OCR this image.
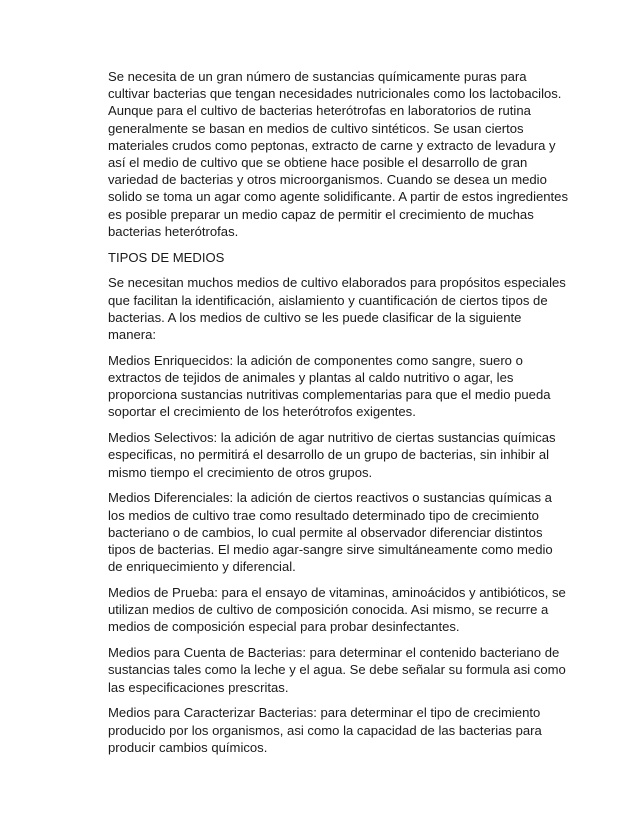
Se necesita de un gran número de sustancias químicamente puras para
cultivar bacterias que tengan necesidades nutricionales como los lactobacilos.
Aunque para el cultivo de bacterias heterótrofas en laboratorios de rutina
generalmente se basan en medios de cultivo sintéticos. Se usan ciertos
materiales crudos como peptonas, extracto de carne y extracto de levadura y
así el medio de cultivo que se obtiene hace posible el desarrollo de gran
variedad de bacterias y otros microorganismos. Cuando se desea un medio
solido se toma un agar como agente solidificante. A partir de estos ingredientes
es posible preparar un medio capaz de permitir el crecimiento de muchas
bacterias heterótrofas.

TIPOS DE MEDIOS

Se necesitan muchos medios de cultivo elaborados para propósitos especiales
que facilitan la identificación, aislamiento y cuantificación de ciertos tipos de
bacterias. A los medios de cultivo se les puede clasificar de la siguiente
manera:

Medios Enriquecidos: la adición de componentes como sangre, suero o
extractos de tejidos de animales y plantas al caldo nutritivo o agar, les
proporciona sustancias nutritivas complementarias para que el medio pueda
soportar el crecimiento de los heterótrofos exigentes.

Medios Selectivos: la adición de agar nutritivo de ciertas sustancias químicas
especificas, no permitirá el desarrollo de un grupo de bacterias, sin inhibir al
mismo tiempo el crecimiento de otros grupos.

Medios Diferenciales: la adición de ciertos reactivos o sustancias químicas a
los medios de cultivo trae como resultado determinado tipo de crecimiento
bacteriano o de cambios, lo cual permite al observador diferenciar distintos
tipos de bacterias. El medio agar-sangre sirve simultáneamente como medio
de enriquecimiento y diferencial.

Medios de Prueba: para el ensayo de vitaminas, aminoácidos y antibióticos, se
utilizan medios de cultivo de composición conocida. Asi mismo, se recurre a
medios de composición especial para probar desinfectantes.

Medios para Cuenta de Bacterias: para determinar el contenido bacteriano de
sustancias tales como la leche y el agua. Se debe señalar su formula asi como
las especificaciones prescritas.

Medios para Caracterizar Bacterias: para determinar el tipo de crecimiento
producido por los organismos, asi como la capacidad de las bacterias para
producir cambios químicos.
